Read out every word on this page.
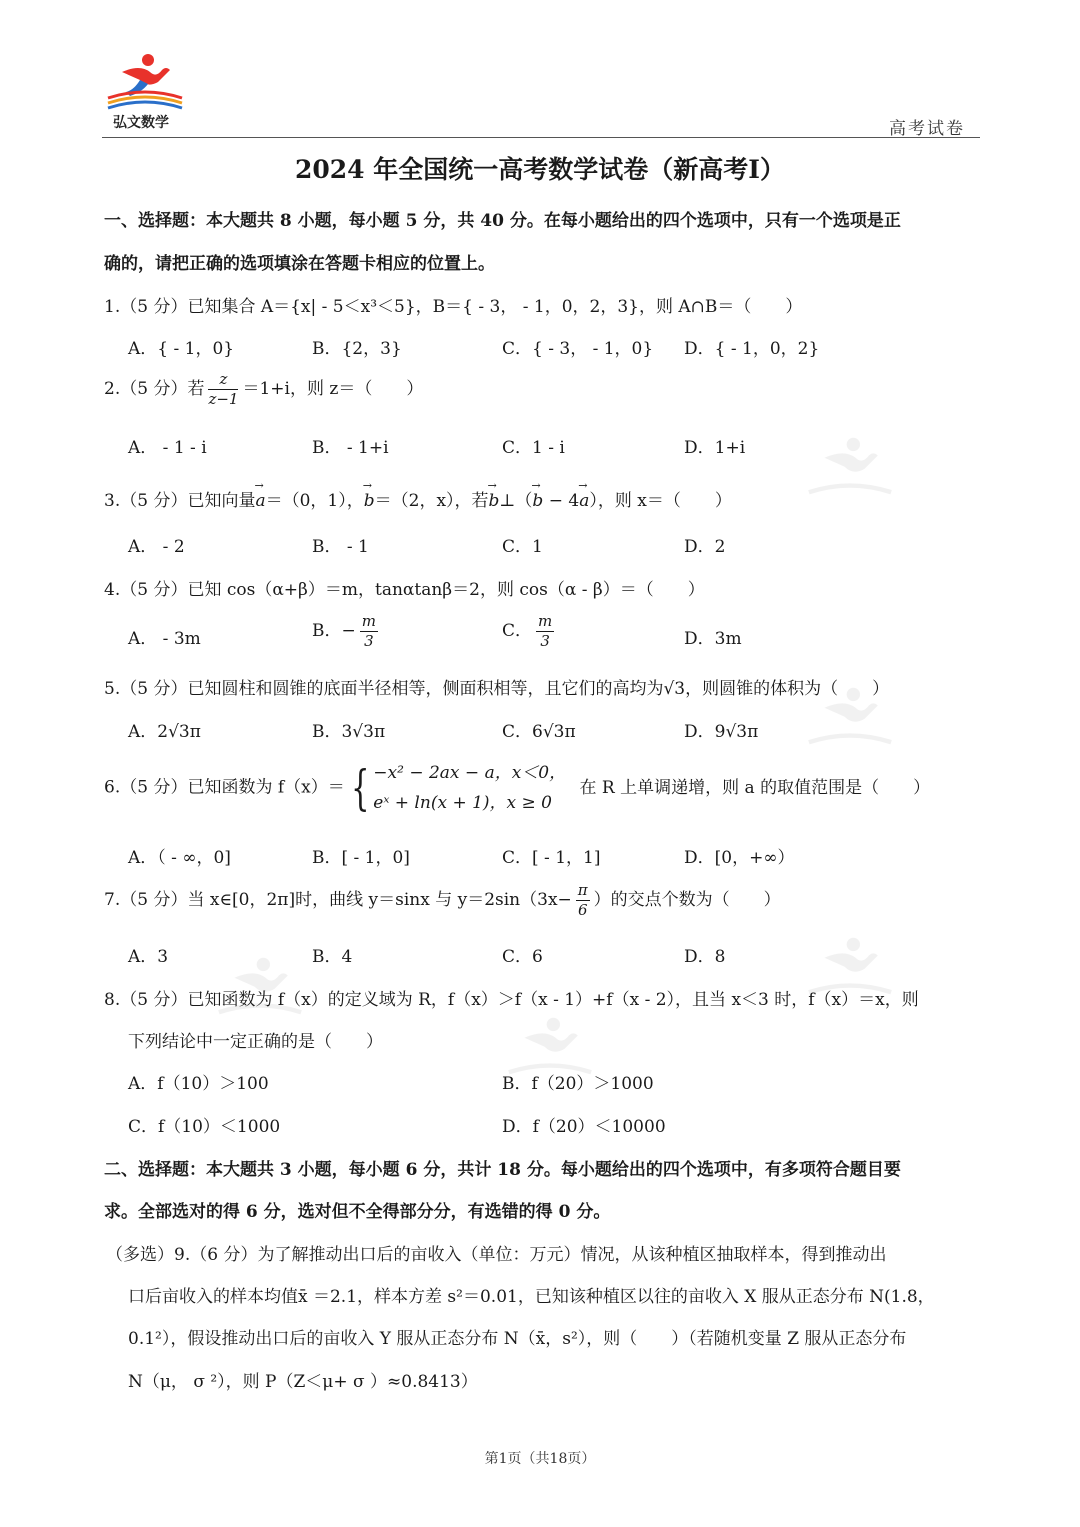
弘文数学	高考试卷
2024 年全国统一高考数学试卷（新高考Ⅰ）
一、选择题：本大题共 8 小题，每小题 5 分，共 40 分。在每小题给出的四个选项中，只有一个选项是正
确的，请把正确的选项填涂在答题卡相应的位置上。
1.（5 分）已知集合 A＝{x| - 5＜x³＜5}，B＝{ - 3， - 1，0，2，3}，则 A∩B＝（　　）
A．{ - 1，0}	B．{2，3}	C．{ - 3， - 1，0} D．{ - 1，0，2}
2.（5 分）若 $\frac{z}{z-1} =1+i$，则 z＝（　　）
A． - 1 - i	B． - 1+i	C．1 - i	D．1+i
3.（5 分）已知向量→ a＝（0，1），→ b＝（2，x），若→ b⊥（→ b − 4→ a），则 x＝（　　）
A． - 2	B． - 1	C．1	D．2
4.（5 分）已知 cos（α+β）＝m，tanαtanβ＝2，则 cos（α - β）＝（　　）
A． - 3m	B．− $\frac{m}{3}$	C． $\frac{m}{3}$	D．3m
5.（5 分）已知圆柱和圆锥的底面半径相等，侧面积相等，且它们的高均为√3，则圆锥的体积为（　　）
A．2√3π	B．3√3π	C．6√3π	D．9√3π
6.（5 分）已知函数为 f（x）＝ { −x² − 2ax − a，x＜0，
eˣ + ln(x + 1)，x ≥ 0
在 R 上单调递增，则 a 的取值范围是（　　）
A．（ - ∞，0]	B．[ - 1，0]	C．[ - 1，1]	D．[0，+∞）
7.（5 分）当 x∈[0，2π]时，曲线 y＝sinx 与 $y=2\sin(3x- \frac{\pi}{6}$ ）的交点个数为（　　）
A．3	B．4	C．6	D．8
8.（5 分）已知函数为 f（x）的定义域为 R，f（x）＞f（x - 1）+f（x - 2），且当 x＜3 时，f（x）＝x，则
下列结论中一定正确的是（　　）
A．f（10）＞100	B．f（20）＞1000
C．f（10）＜1000	D．f（20）＜10000
二、选择题：本大题共 3 小题，每小题 6 分，共计 18 分。每小题给出的四个选项中，有多项符合题目要
求。全部选对的得 6 分，选对但不全得部分分，有选错的得 0 分。
（多选）9.（6 分）为了解推动出口后的亩收入（单位：万元）情况，从该种植区抽取样本，得到推动出
口后亩收入的样本均值x̄ ＝2.1，样本方差 s²＝0.01，已知该种植区以往的亩收入 X 服从正态分布 N(1.8，
0.1²），假设推动出口后的亩收入 Y 服从正态分布 N（x̄，s²），则（　　）（若随机变量 Z 服从正态分布
N（μ， σ ²），则 P（Z＜μ+ σ ）≈0.8413）
第1页（共18页）
